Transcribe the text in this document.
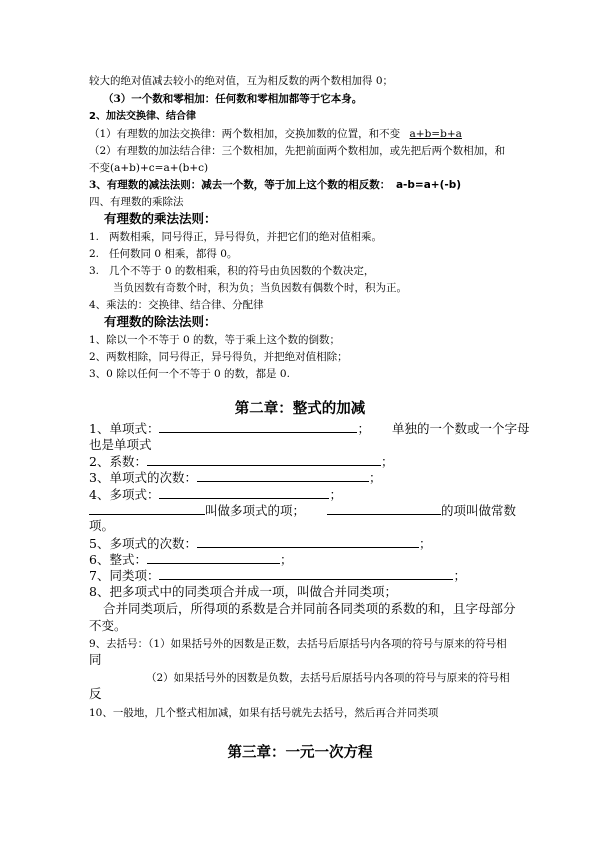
较大的绝对值减去较小的绝对值，互为相反数的两个数相加得 0；
（3）一个数和零相加：任何数和零相加都等于它本身。
2、加法交换律、结合律
（1）有理数的加法交换律：两个数相加，交换加数的位置，和不变 a+b=b+a
（2）有理数的加法结合律：三个数相加，先把前面两个数相加，或先把后两个数相加，和
不变(a+b)+c=a+(b+c)
3、有理数的减法法则：减去一个数，等于加上这个数的相反数： a-b=a+(-b)
四、有理数的乘除法
有理数的乘法法则：
1.   两数相乘，同号得正，异号得负，并把它们的绝对值相乘。
2.   任何数同 0 相乘，都得 0。
3.   几个不等于 0 的数相乘，积的符号由负因数的个数决定，
当负因数有奇数个时，积为负；当负因数有偶数个时，积为正。
4、乘法的：交换律、结合律、分配律
有理数的除法法则：
1、除以一个不等于 0 的数，等于乘上这个数的倒数；
2、两数相除，同号得正，异号得负，并把绝对值相除；
3、0 除以任何一个不等于 0 的数，都是 0.
第二章：整式的加减
1、单项式：	； 单独的一个数或一个字母
也是单项式
2、系数：	；
3、单项式的次数：	；
4、多项式：	；
叫做多项式的项；	的项叫做常数
项。
5、多项式的次数：	；
6、整式：	；
7、同类项：	；
8、把多项式中的同类项合并成一项，叫做合并同类项；
合并同类项后，所得项的系数是合并同前各同类项的系数的和，且字母部分
不变。
9、去括号：（1）如果括号外的因数是正数，去括号后原括号内各项的符号与原来的符号相
同
（2）如果括号外的因数是负数，去括号后原括号内各项的符号与原来的符号相
反
10、一般地，几个整式相加减，如果有括号就先去括号，然后再合并同类项
第三章：一元一次方程
